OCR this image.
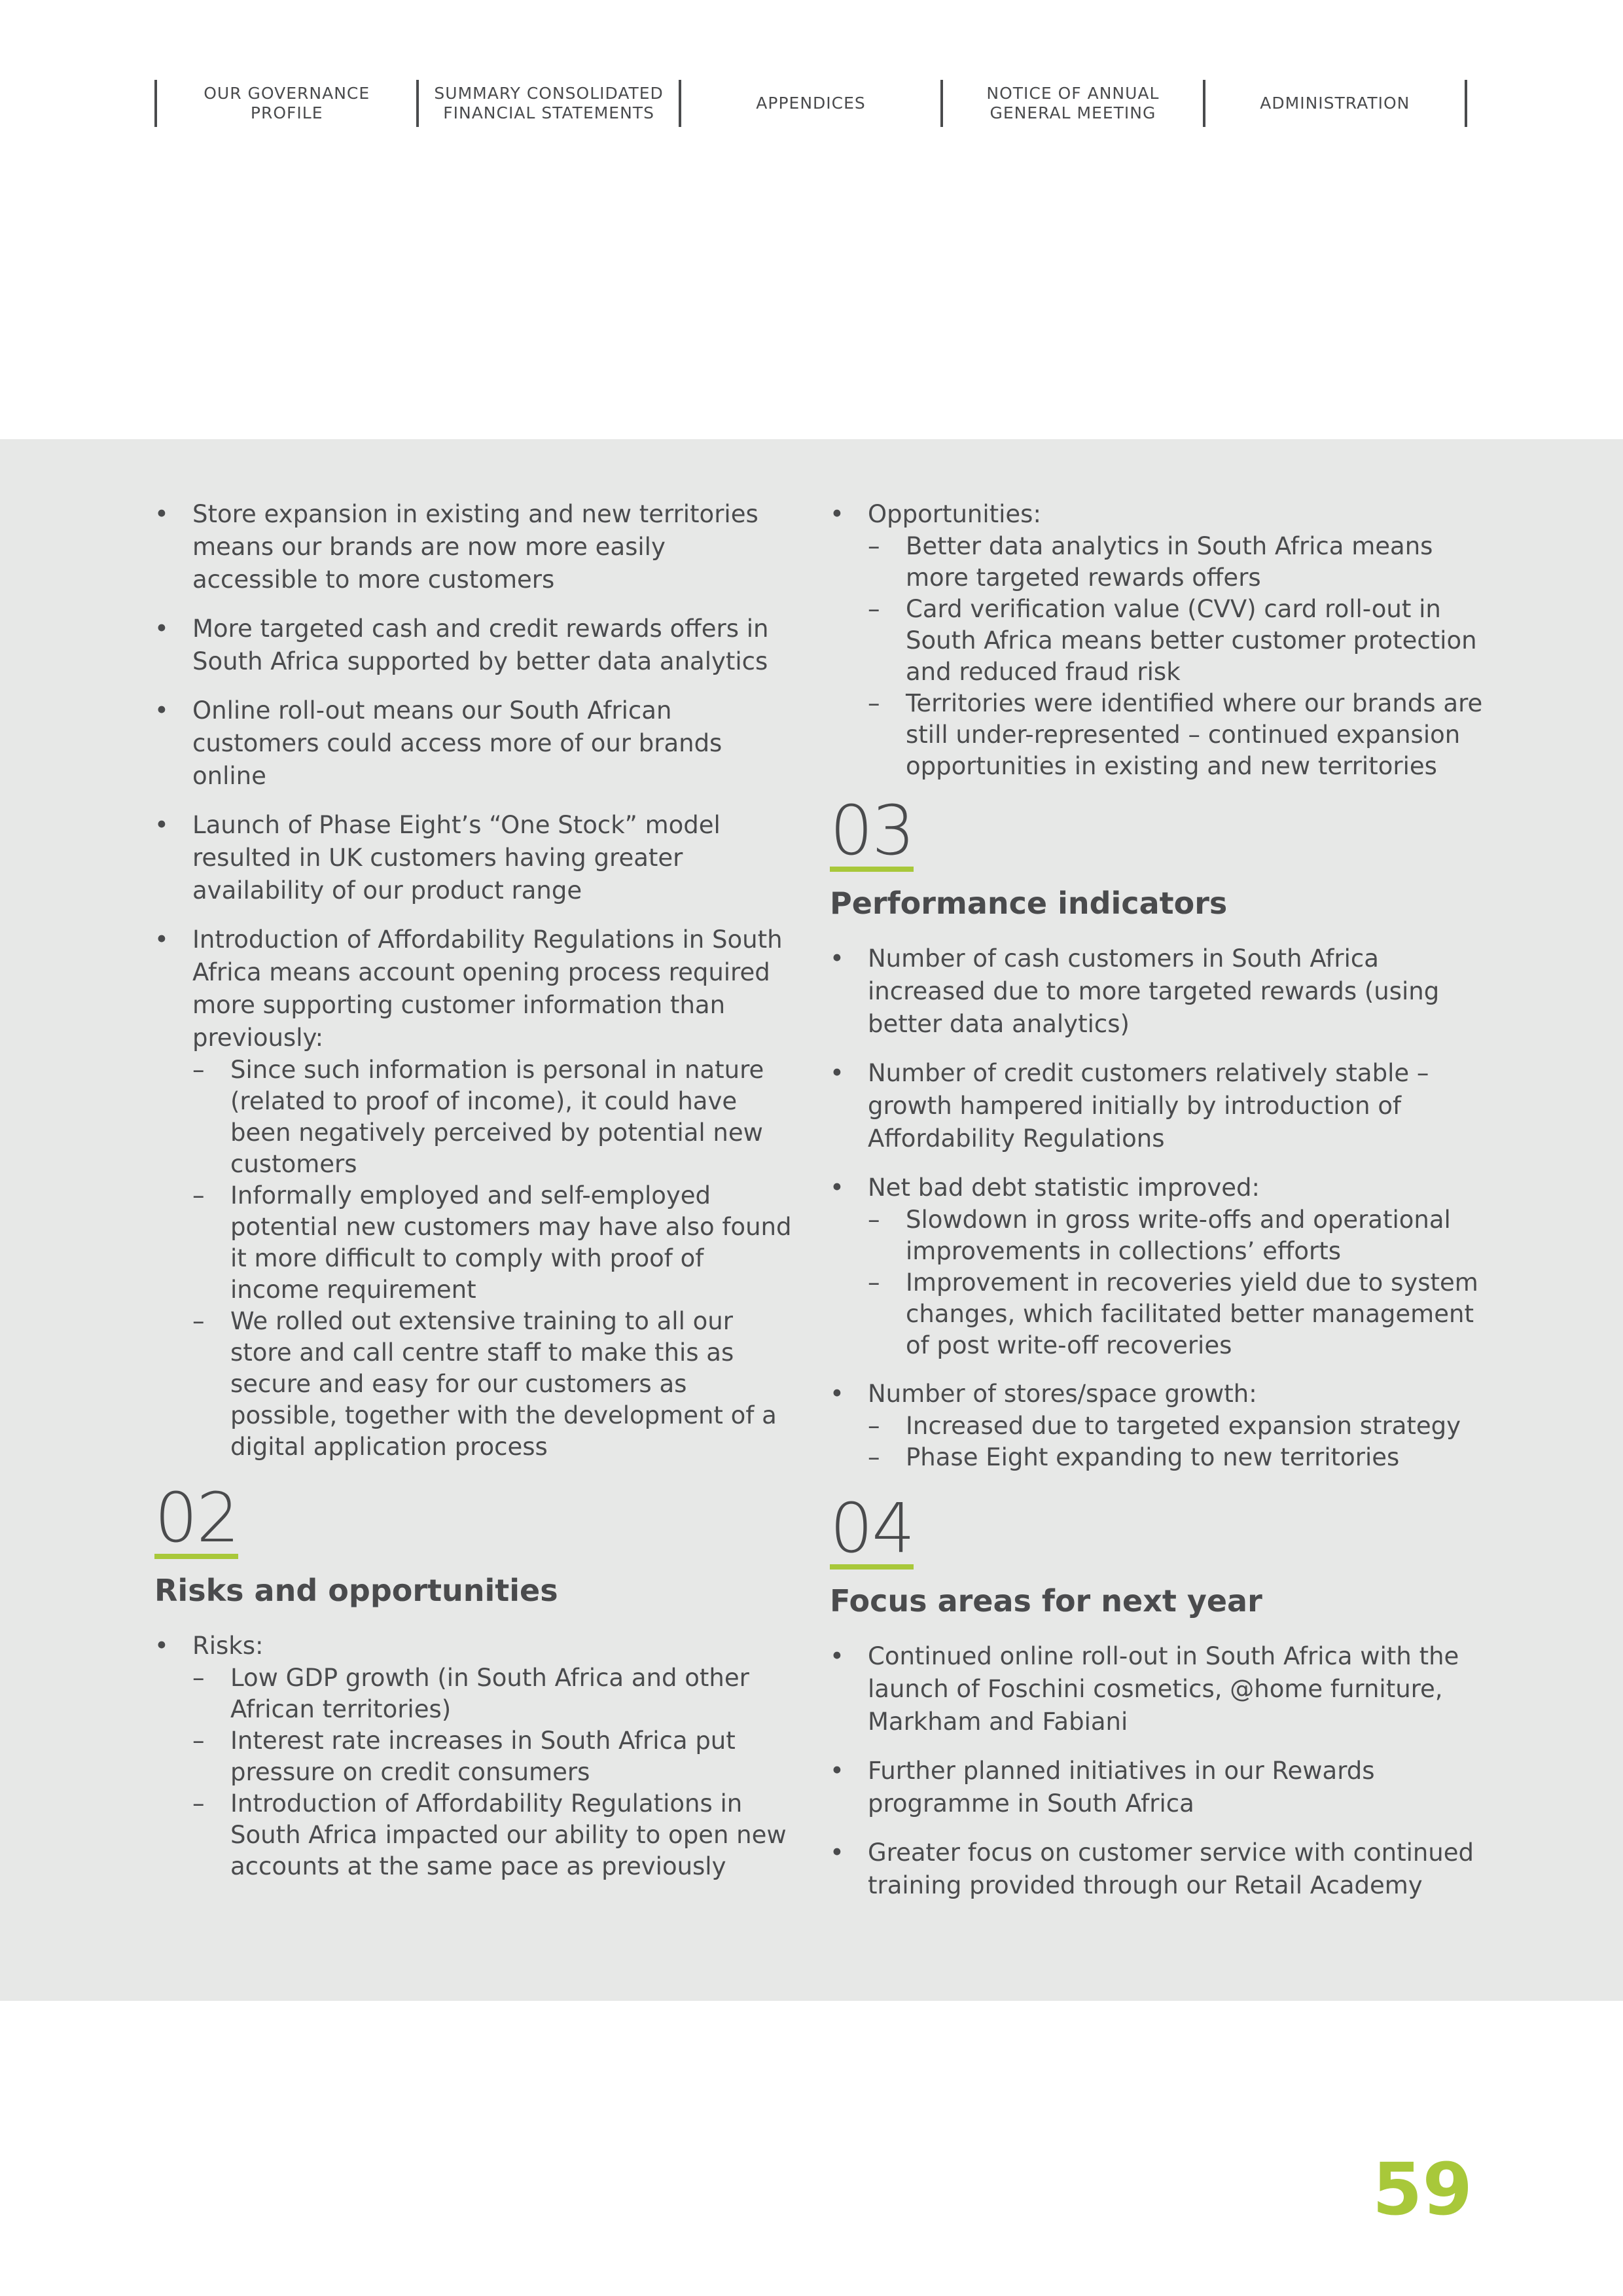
OUR GOVERNANCE
PROFILE
SUMMARY CONSOLIDATED
FINANCIAL STATEMENTS
APPENDICES
NOTICE OF ANNUAL
GENERAL MEETING
ADMINISTRATION
• Store expansion in existing and new territories means our brands are now more easily accessible to more customers
• More targeted cash and credit rewards offers in South Africa supported by better data analytics
• Online roll-out means our South African customers could access more of our brands online
• Launch of Phase Eight’s “One Stock” model resulted in UK customers having greater availability of our product range
• Introduction of Affordability Regulations in South Africa means account opening process required more supporting customer information than previously:
– Since such information is personal in nature (related to proof of income), it could have been negatively perceived by potential new customers
– Informally employed and self-employed potential new customers may have also found it more difficult to comply with proof of income requirement
– We rolled out extensive training to all our store and call centre staff to make this as secure and easy for our customers as possible, together with the development of a digital application process
02
Risks and opportunities
• Risks:
– Low GDP growth (in South Africa and other African territories)
– Interest rate increases in South Africa put pressure on credit consumers
– Introduction of Affordability Regulations in South Africa impacted our ability to open new accounts at the same pace as previously
• Opportunities:
– Better data analytics in South Africa means more targeted rewards offers
– Card verification value (CVV) card roll-out in South Africa means better customer protection and reduced fraud risk
– Territories were identified where our brands are still under-represented – continued expansion opportunities in existing and new territories
03
Performance indicators
• Number of cash customers in South Africa increased due to more targeted rewards (using better data analytics)
• Number of credit customers relatively stable – growth hampered initially by introduction of Affordability Regulations
• Net bad debt statistic improved:
– Slowdown in gross write-offs and operational improvements in collections’ efforts
– Improvement in recoveries yield due to system changes, which facilitated better management of post write-off recoveries
• Number of stores/space growth:
– Increased due to targeted expansion strategy
– Phase Eight expanding to new territories
04
Focus areas for next year
• Continued online roll-out in South Africa with the launch of Foschini cosmetics, @home furniture, Markham and Fabiani
• Further planned initiatives in our Rewards programme in South Africa
• Greater focus on customer service with continued training provided through our Retail Academy
59
